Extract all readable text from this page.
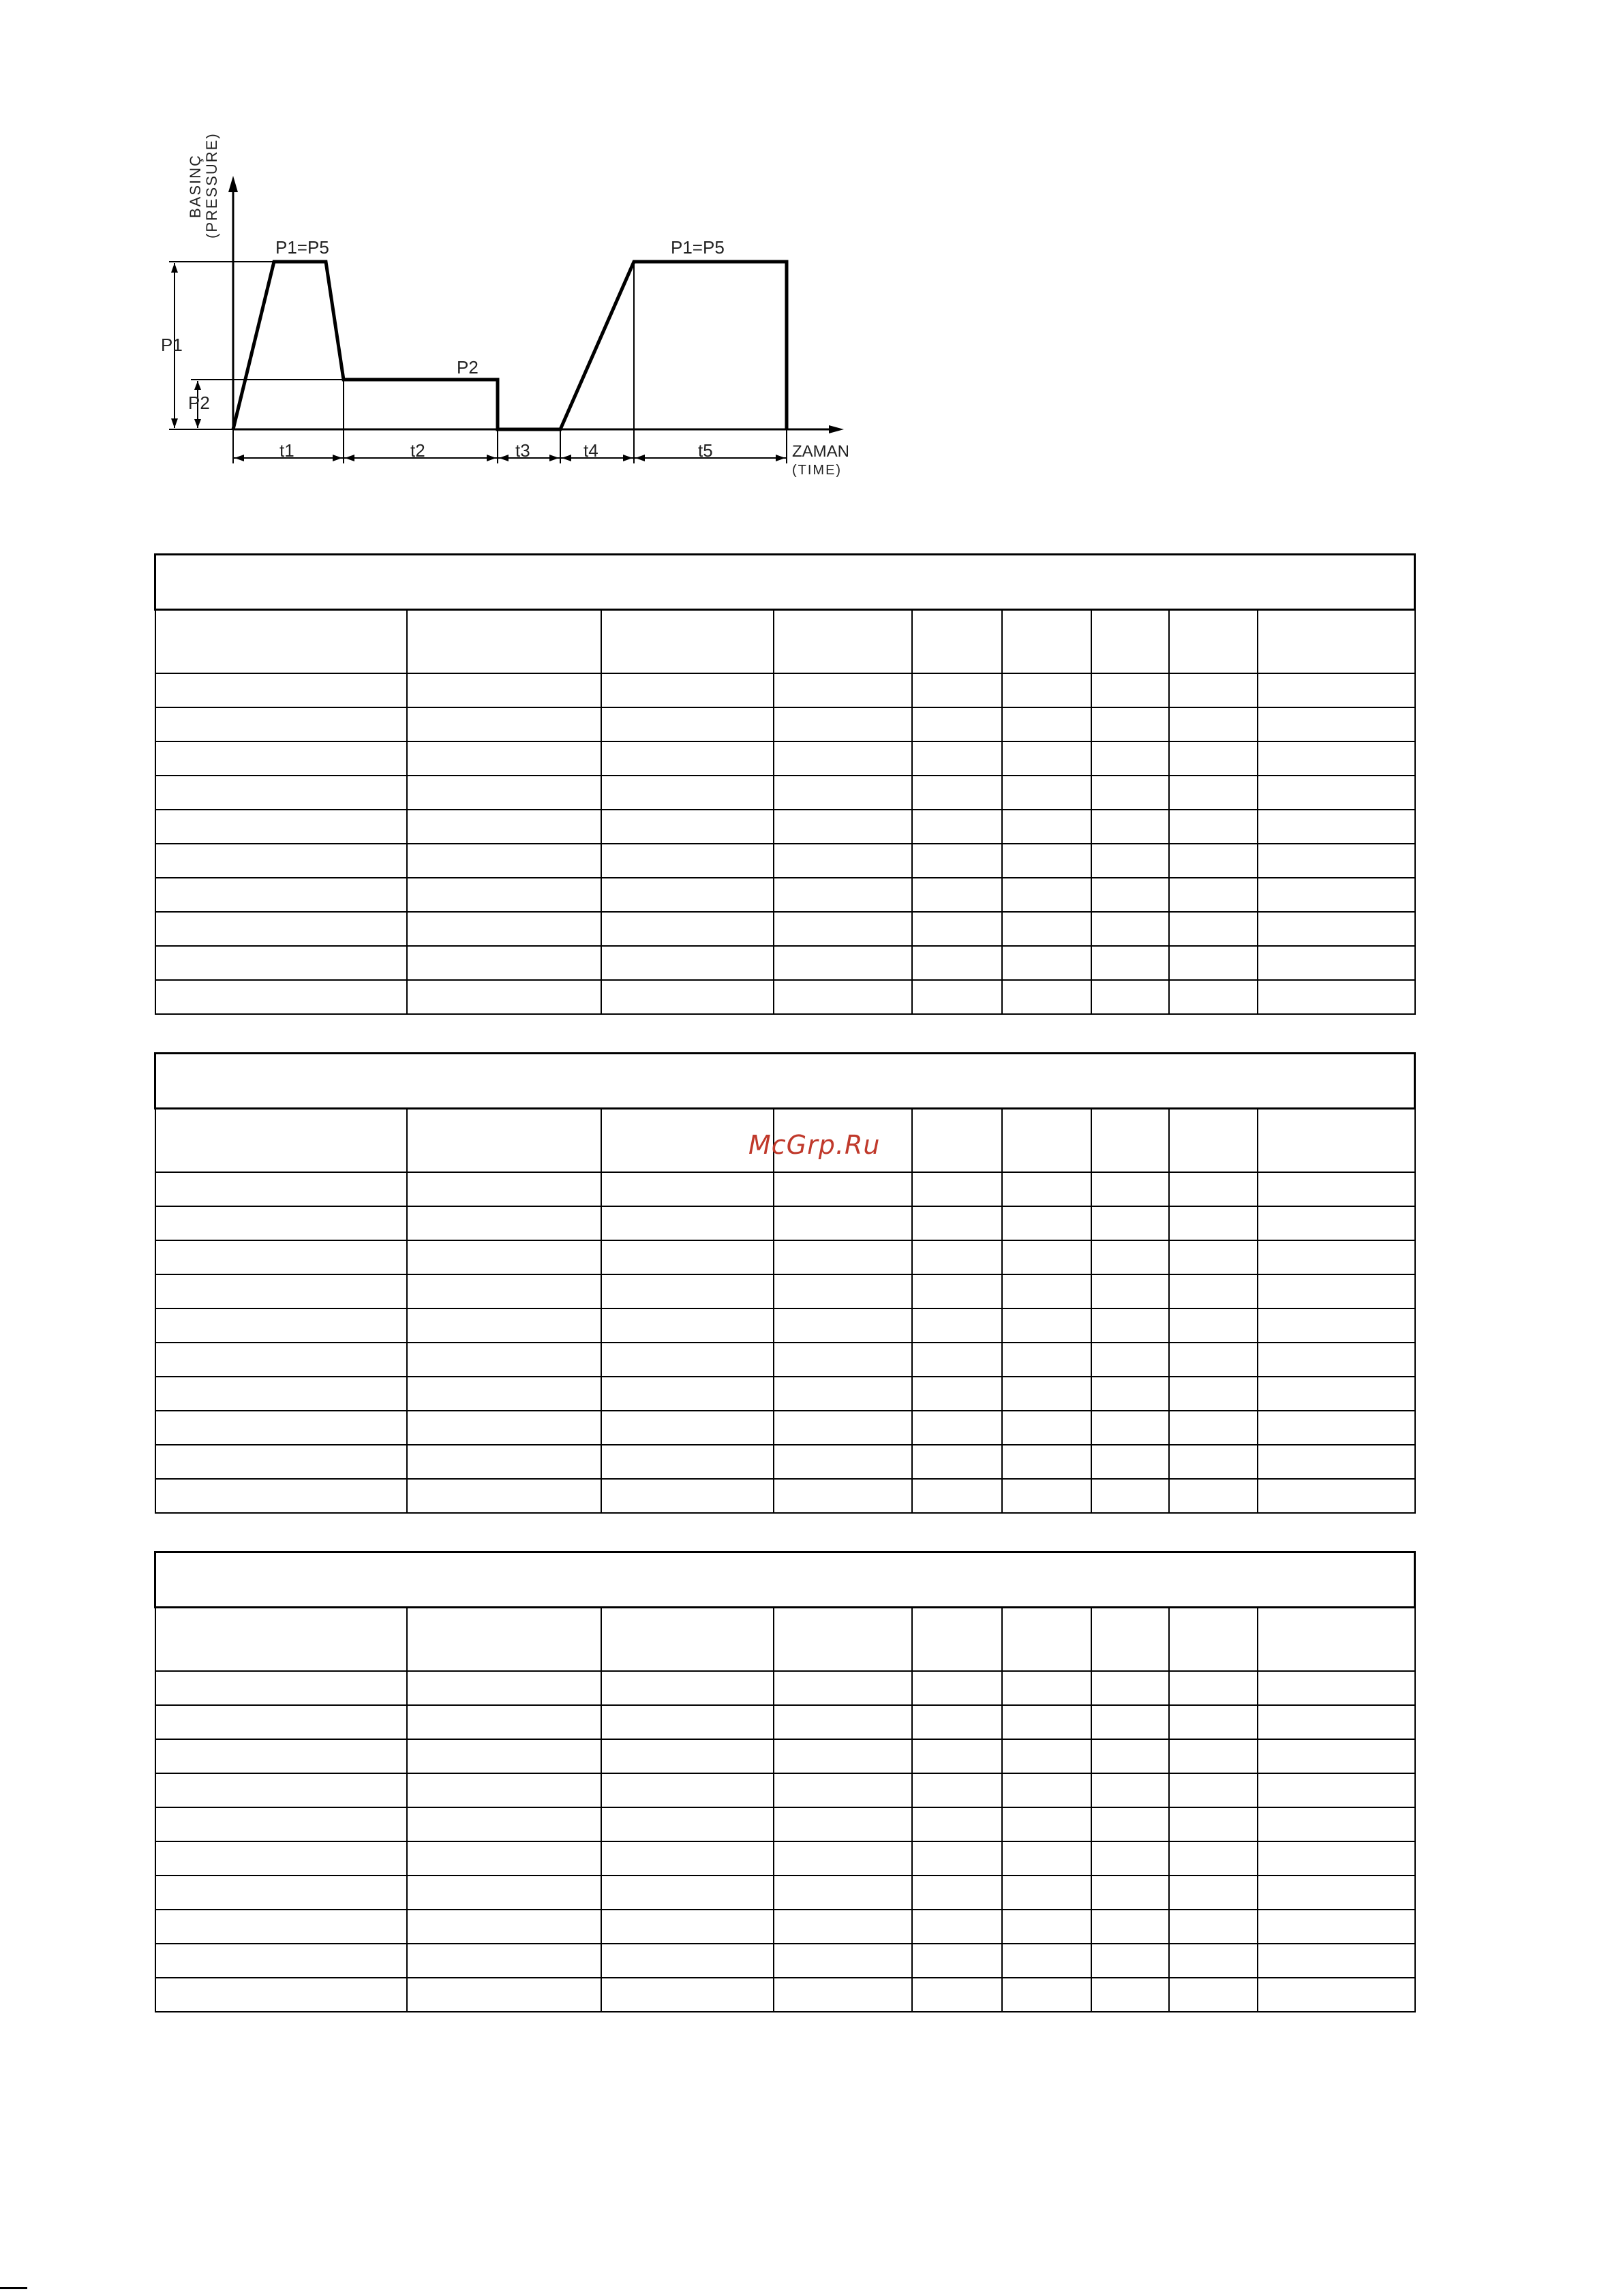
BASINÇ (PRESSURE)
P1=P5	P1=P5
P2
P1
P2
ZAMAN
(TIME)
t1	t2	t3	t4	t5

McGrp.Ru
